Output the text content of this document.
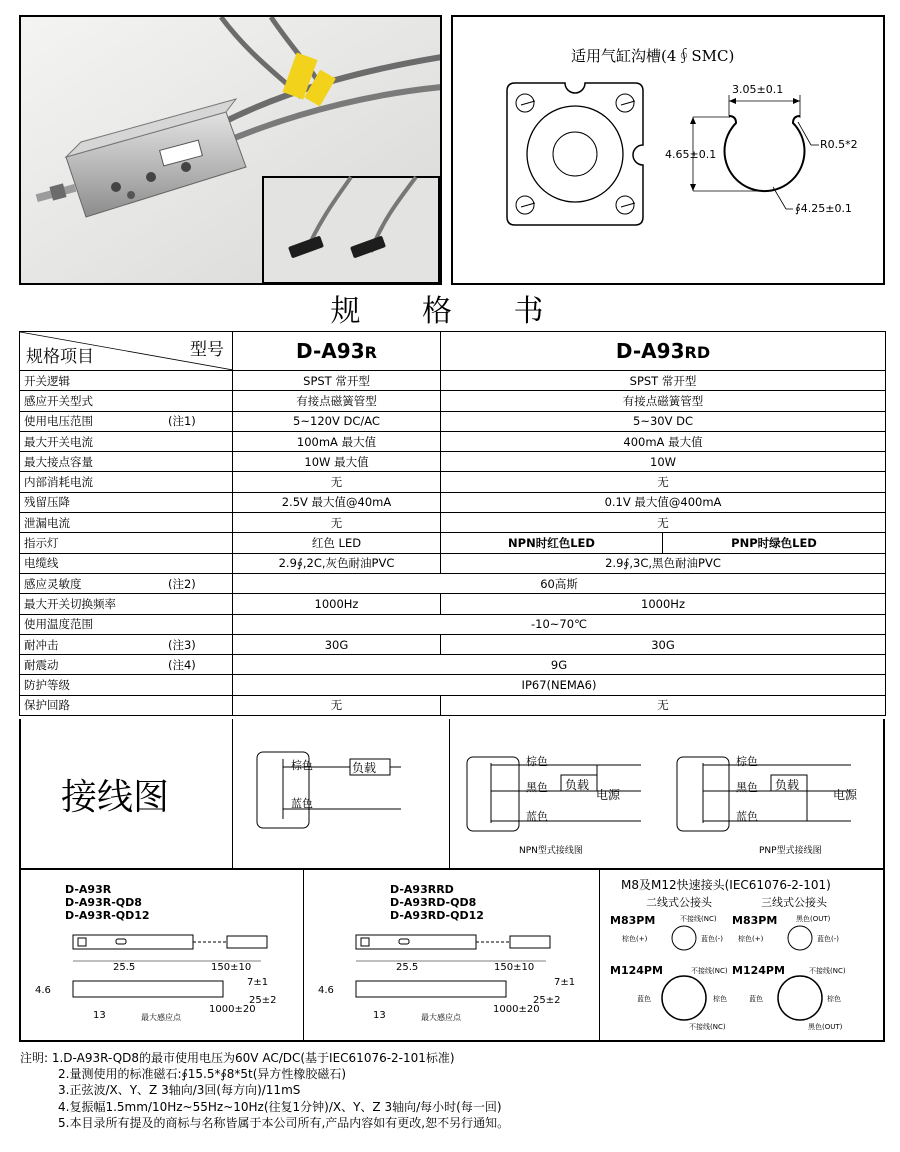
适用气缸沟槽(4∮SMC)
3.05±0.1
4.65±0.1
R0.5*2
∮4.25±0.1
规 格 书
型号
规格项目	D-A93R	D-A93RD	
开关逻辑	SPST 常开型	SPST 常开型	
感应开关型式	有接点磁簧管型	有接点磁簧管型	
使用电压范围 (注1)	5~120V DC/AC	5~30V DC	
最大开关电流	100mA 最大值	400mA 最大值	
最大接点容量	10W 最大值	10W	
内部消耗电流	无	无	
残留压降	2.5V 最大值@40mA	0.1V 最大值@400mA	
泄漏电流	无	无	
指示灯	红色 LED	NPN时红色LED	PNP时绿色LED
电缆线	2.9∮,2C,灰色耐油PVC	2.9∮,3C,黑色耐油PVC	
感应灵敏度 (注2)	60高斯		
最大开关切换频率	1000Hz	1000Hz	
使用温度范围	-10~70℃		
耐冲击 (注3)	30G	30G	
耐震动 (注4)	9G		
防护等级	IP67(NEMA6)		
保护回路	无	无	
接线图
棕色
蓝色
负载	棕色
黑色
蓝色
负载
电源
NPN型式接线图
棕色
黑色
蓝色
负载
电源
PNP型式接线图
D-A93R
D-A93R-QD8
D-A93R-QD12
D-A93RRD
D-A93RD-QD8
D-A93RD-QD12
25.5	150±10
4.6
7±1
25±2
13	最大感应点
1000±20
25.5	150±10
4.6
7±1
25±2
13	最大感应点
1000±20
M8及M12快速接头(IEC61076-2-101)
二线式公接头	三线式公接头
M83PM	M83PM
M124PM	M124PM
不接线(NC)
棕色(+)	蓝色(-)
黑色(OUT)
棕色(+)	蓝色(-)
不接线(NC)
蓝色	棕色
不接线(NC)
不接线(NC)
蓝色	棕色
黑色(OUT)
注明: 1.D-A93R-QD8的最市使用电压为60V AC/DC(基于IEC61076-2-101标准)
2.量测使用的标准磁石:∮15.5*∮8*5t(异方性橡胶磁石)
3.正弦波/X、Y、Z 3轴向/3回(每方向)/11mS
4.复振幅1.5mm/10Hz~55Hz~10Hz(往复1分钟)/X、Y、Z 3轴向/每小时(每一回)
5.本目录所有提及的商标与名称皆属于本公司所有,产品内容如有更改,恕不另行通知。
